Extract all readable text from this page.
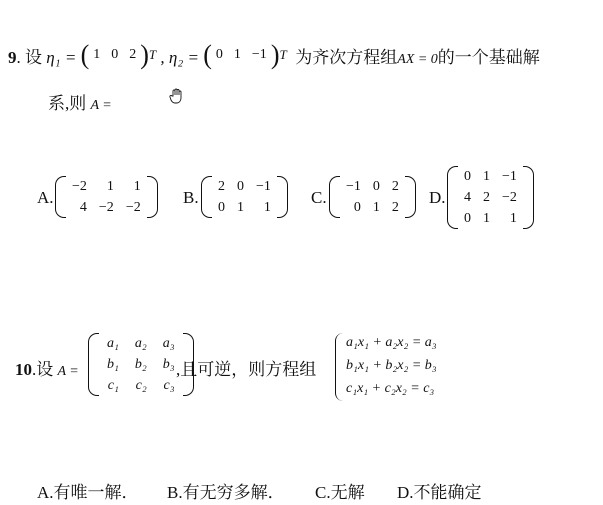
9. 设 η₁ = ( 1 0 2 ) T , η₂ = ( 0 1 −1 ) T 为齐次方程组AX = 0的一个基础解
系,则 A =
A.
−2	1	1
4	−2	−2
B.
2	0	−1
0	1	1
C.
−1	0	2
0	1	2
D.
0	1	−1
4	2	−2
0	1	1
10.设 A =
a₁	a₂	a₃
b₁	b₂	b₃
c₁	c₂	c₃
,且可逆，则方程组
a₁x₁ + a₂x₂ = a₃
b₁x₁ + b₂x₂ = b₃
c₁x₁ + c₂x₂ = c₃
A.有唯一解． B.有无穷多解． C.无解 D.不能确定
